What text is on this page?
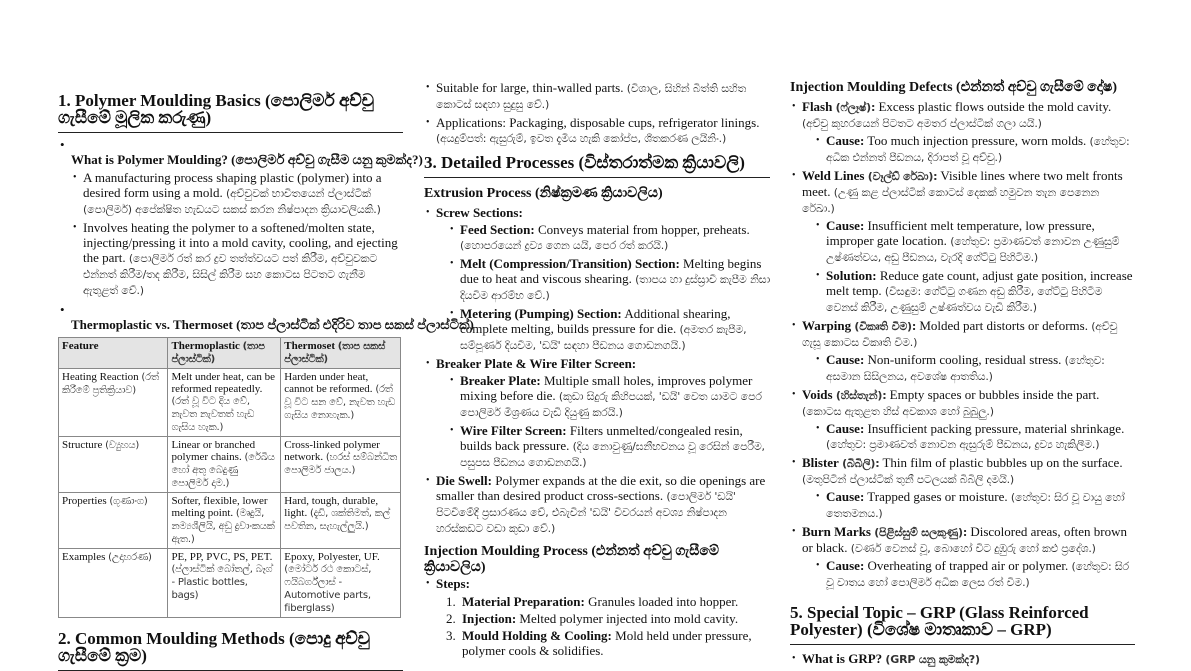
1. Polymer Moulding Basics (පොලිමර් අච්චු ගැසීමේ මූලික කරුණු)
•
What is Polymer Moulding? (පොලිමර් අච්චු ගැසීම යනු කුමක්ද?)
• A manufacturing process shaping plastic (polymer) into a desired form using a mold. (අච්චුවක් භාවිතයෙන් ප්ලාස්ටික් (පොලිමර්) අපේක්ෂිත හැඩයට සකස් කරන නිෂ්පාදන ක්‍රියාවලියකි.)
• Involves heating the polymer to a softened/molten state, injecting/pressing it into a mold cavity, cooling, and ejecting the part. (පොලිමර් රත් කර ද්‍රව තත්ත්වයට පත් කිරීම, අච්චුවකට එන්නත් කිරීම/තද කිරීම, සිසිල් කිරීම සහ කොටස පිටතට ගැනීම ඇතුළත් වේ.)
•
Thermoplastic vs. Thermoset (තාප ප්ලාස්ටික් එදිරිව තාප සකස් ප්ලාස්ටික්)
Feature	Thermoplastic (තාප ප්ලාස්ටික්)	Thermoset (තාප සකස් ප්ලාස්ටික්)
Heating Reaction (රත් කිරීමේ ප්‍රතික්‍රියාව)	Melt under heat, can be reformed repeatedly. (රත් වූ විට දිය වේ, නැවත නැවතත් හැඩ ගැසිය හැක.)	Harden under heat, cannot be reformed. (රත් වූ විට සන වේ, නැවත හැඩ ගැසිය නොහැක.)
Structure (ව්‍යුහය)	Linear or branched polymer chains. (රේඛීය හෝ අතු බෙදුණු පොලිමර් දාම.)	Cross-linked polymer network. (හරස් සම්බන්ධිත පොලිමර් ජාලය.)
Properties (ගුණාංග)	Softer, flexible, lower melting point. (මෘදුයි, නම්‍යශීලියි, අඩු ද්‍රවාංකයක් ඇත.)	Hard, tough, durable, light. (දැඩි, ශක්තිමත්, කල් පවතින, සැහැල්ලුයි.)
Examples (උදාහරණ)	PE, PP, PVC, PS, PET. (ප්ලාස්ටික් බෝතල්, බෑග් - Plastic bottles, bags)	Epoxy, Polyester, UF. (මෝටර් රථ කොටස්, ෆයිබර්ග්ලාස් - Automotive parts, fiberglass)
2. Common Moulding Methods (පොදු අච්චු ගැසීමේ ක්‍රම)
• Suitable for large, thin-walled parts. (විශාල, සිහින් බිත්ති සහිත කොටස් සඳහා සුදුසු වේ.)
• Applications: Packaging, disposable cups, refrigerator linings. (අයදුම්පත්: ඇසුරුම්, ඉවත දැමිය හැකි කෝප්ප, ශීතකරණ ලයිනිං.)
3. Detailed Processes (විස්තරාත්මක ක්‍රියාවලි)
Extrusion Process (නිෂ්ක්‍රමණ ක්‍රියාවලිය)
• Screw Sections:
• Feed Section: Conveys material from hopper, preheats. (හොපරයෙන් ද්‍රව්‍ය ගෙන යයි, පෙර රත් කරයි.)
• Melt (Compression/Transition) Section: Melting begins due to heat and viscous shearing. (තාපය හා දුස්ස්‍රාවී කැපීම නිසා දියවීම ආරම්භ වේ.)
• Metering (Pumping) Section: Additional shearing, complete melting, builds pressure for die. (අමතර කැපීම, සම්පූර්ණ දියවීම, 'ඩයි' සඳහා පීඩනය ගොඩනගයි.)
• Breaker Plate & Wire Filter Screen:
• Breaker Plate: Multiple small holes, improves polymer mixing before die. (කුඩා සිදුරු කිහිපයක්, 'ඩයි' වෙත යාමට පෙර පොලිමර් මිශ්‍රණය වැඩි දියුණු කරයි.)
• Wire Filter Screen: Filters unmelted/congealed resin, builds back pressure. (දිය නොවුණු/ඝනීභවනය වූ රෙසින් පෙරීම, පසුපස පීඩනය ගොඩනගයි.)
• Die Swell: Polymer expands at the die exit, so die openings are smaller than desired product cross-sections. (පොලිමර් 'ඩයි' පිටවීමේදී ප්‍රසාරණය වේ, එබැවින් 'ඩයි' විවරයන් අවශ්‍ය නිෂ්පාදන හරස්කඩට වඩා කුඩා වේ.)
Injection Moulding Process (එන්නත් අච්චු ගැසීමේ ක්‍රියාවලිය)
• Steps:
Material Preparation: Granules loaded into hopper.
Injection: Melted polymer injected into mold cavity.
Mould Holding & Cooling: Mold held under pressure, polymer cools & solidifies.
Injection Moulding Defects (එන්නත් අච්චු ගැසීමේ දෝෂ)
• Flash (ෆ්ලෑෂ්): Excess plastic flows outside the mold cavity. (අච්චු කුහරයෙන් පිටතට අමතර ප්ලාස්ටික් ගලා යයි.)
• Cause: Too much injection pressure, worn molds. (හේතුව: අධික එන්නත් පීඩනය, දිරාපත් වූ අච්චු.)
• Weld Lines (වෑල්ඩ් රේඛා): Visible lines where two melt fronts meet. (උණු කළ ප්ලාස්ටික් කොටස් දෙකක් හමුවන තැන පෙනෙන රේඛා.)
• Cause: Insufficient melt temperature, low pressure, improper gate location. (හේතුව: ප්‍රමාණවත් නොවන උණුසුම් උෂ්ණත්වය, අඩු පීඩනය, වැරදි ගේට්ටු පිහිටීම.)
• Solution: Reduce gate count, adjust gate position, increase melt temp. (විසඳුම: ගේට්ටු ගණන අඩු කිරීම, ගේට්ටු පිහිටීම වෙනස් කිරීම, උණුසුම් උෂ්ණත්වය වැඩි කිරීම.)
• Warping (විකෘති වීම): Molded part distorts or deforms. (අච්චු ගැසූ කොටස විකෘති වීම.)
• Cause: Non-uniform cooling, residual stress. (හේතුව: අසමාන සිසිලනය, අවශේෂ ආතතිය.)
• Voids (හිස්තැන්): Empty spaces or bubbles inside the part. (කොටස ඇතුළත හිස් අවකාශ හෝ බුබුලු.)
• Cause: Insufficient packing pressure, material shrinkage. (හේතුව: ප්‍රමාණවත් නොවන ඇසුරුම් පීඩනය, ද්‍රව්‍ය හැකිලීම.)
• Blister (බිබිලි): Thin film of plastic bubbles up on the surface. (මතුපිටින් ප්ලාස්ටික් තුනී පටලයක් බිබිලි දමයි.)
• Cause: Trapped gases or moisture. (හේතුව: සිර වූ වායු හෝ තෙතමනය.)
• Burn Marks (පිළිස්සුම් සලකුණු): Discolored areas, often brown or black. (වර්ණ වෙනස් වූ, බොහෝ විට දුඹුරු හෝ කළු ප්‍රදේශ.)
• Cause: Overheating of trapped air or polymer. (හේතුව: සිර වූ වාතය හෝ පොලිමර් අධික ලෙස රත් වීම.)
5. Special Topic – GRP (Glass Reinforced Polyester) (විශේෂ මාතෘකාව – GRP)
• What is GRP? (GRP යනු කුමක්ද?)
